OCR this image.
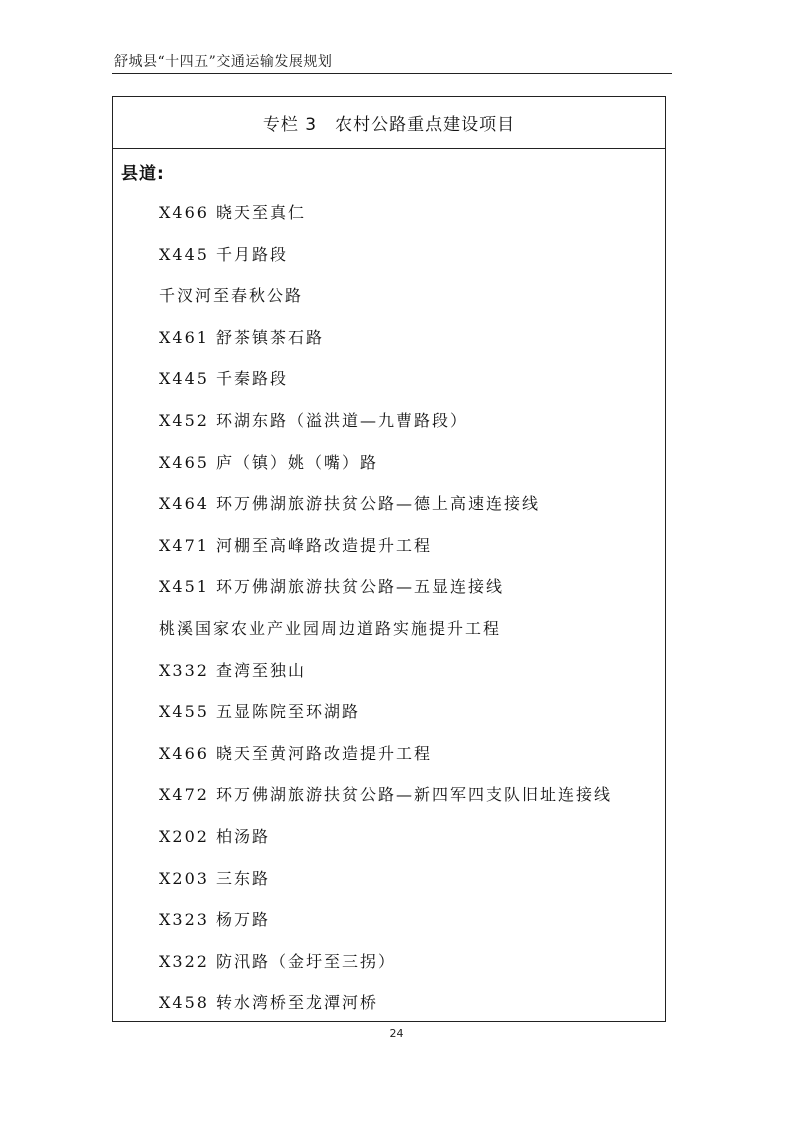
舒城县“十四五”交通运输发展规划
专栏 3　农村公路重点建设项目
县道:
X466 晓天至真仁
X445 千月路段
千汊河至春秋公路
X461 舒茶镇茶石路
X445 千秦路段
X452 环湖东路（溢洪道—九曹路段）
X465 庐（镇）姚（嘴）路
X464 环万佛湖旅游扶贫公路—德上高速连接线
X471 河棚至高峰路改造提升工程
X451 环万佛湖旅游扶贫公路—五显连接线
桃溪国家农业产业园周边道路实施提升工程
X332 查湾至独山
X455 五显陈院至环湖路
X466 晓天至黄河路改造提升工程
X472 环万佛湖旅游扶贫公路—新四军四支队旧址连接线
X202 柏汤路
X203 三东路
X323 杨万路
X322 防汛路（金圩至三拐）
X458 转水湾桥至龙潭河桥
24
